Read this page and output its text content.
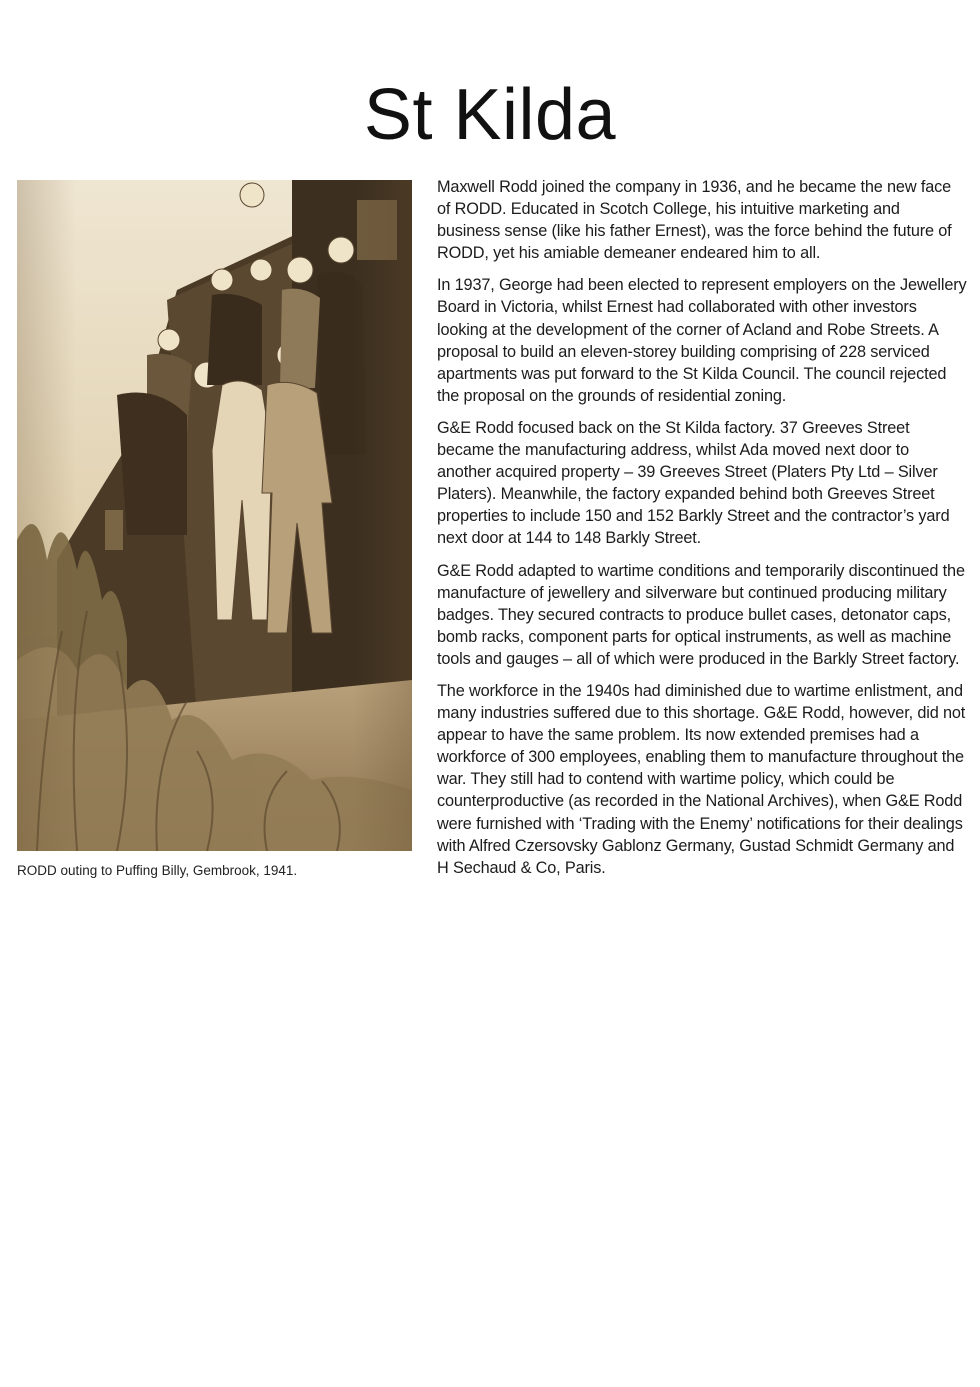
St Kilda
RODD outing to Puffing Billy, Gembrook, 1941.

Maxwell Rodd joined the company in 1936, and he became the new face of RODD. Educated in Scotch College, his intuitive marketing and business sense (like his father Ernest), was the force behind the future of RODD, yet his amiable demeaner endeared him to all.

In 1937, George had been elected to represent employers on the Jewellery Board in Victoria, whilst Ernest had collaborated with other investors looking at the development of the corner of Acland and Robe Streets. A proposal to build an eleven-storey building comprising of 228 serviced apartments was put forward to the St Kilda Council. The council rejected the proposal on the grounds of residential zoning.

G&E Rodd focused back on the St Kilda factory. 37 Greeves Street became the manufacturing address, whilst Ada moved next door to another acquired property – 39 Greeves Street (Platers Pty Ltd – Silver Platers). Meanwhile, the factory expanded behind both Greeves Street properties to include 150 and 152 Barkly Street and the contractor’s yard next door at 144 to 148 Barkly Street.

G&E Rodd adapted to wartime conditions and temporarily discontinued the manufacture of jewellery and silverware but continued producing military badges. They secured contracts to produce bullet cases, detonator caps, bomb racks, component parts for optical instruments, as well as machine tools and gauges – all of which were produced in the Barkly Street factory.

The workforce in the 1940s had diminished due to wartime enlistment, and many industries suffered due to this shortage. G&E Rodd, however, did not appear to have the same problem. Its now extended premises had a workforce of 300 employees, enabling them to manufacture throughout the war. They still had to contend with wartime policy, which could be counterproductive (as recorded in the National Archives), when G&E Rodd were furnished with ‘Trading with the Enemy’ notifications for their dealings with Alfred Czersovsky Gablonz Germany, Gustad Schmidt Germany and H Sechaud & Co, Paris.
